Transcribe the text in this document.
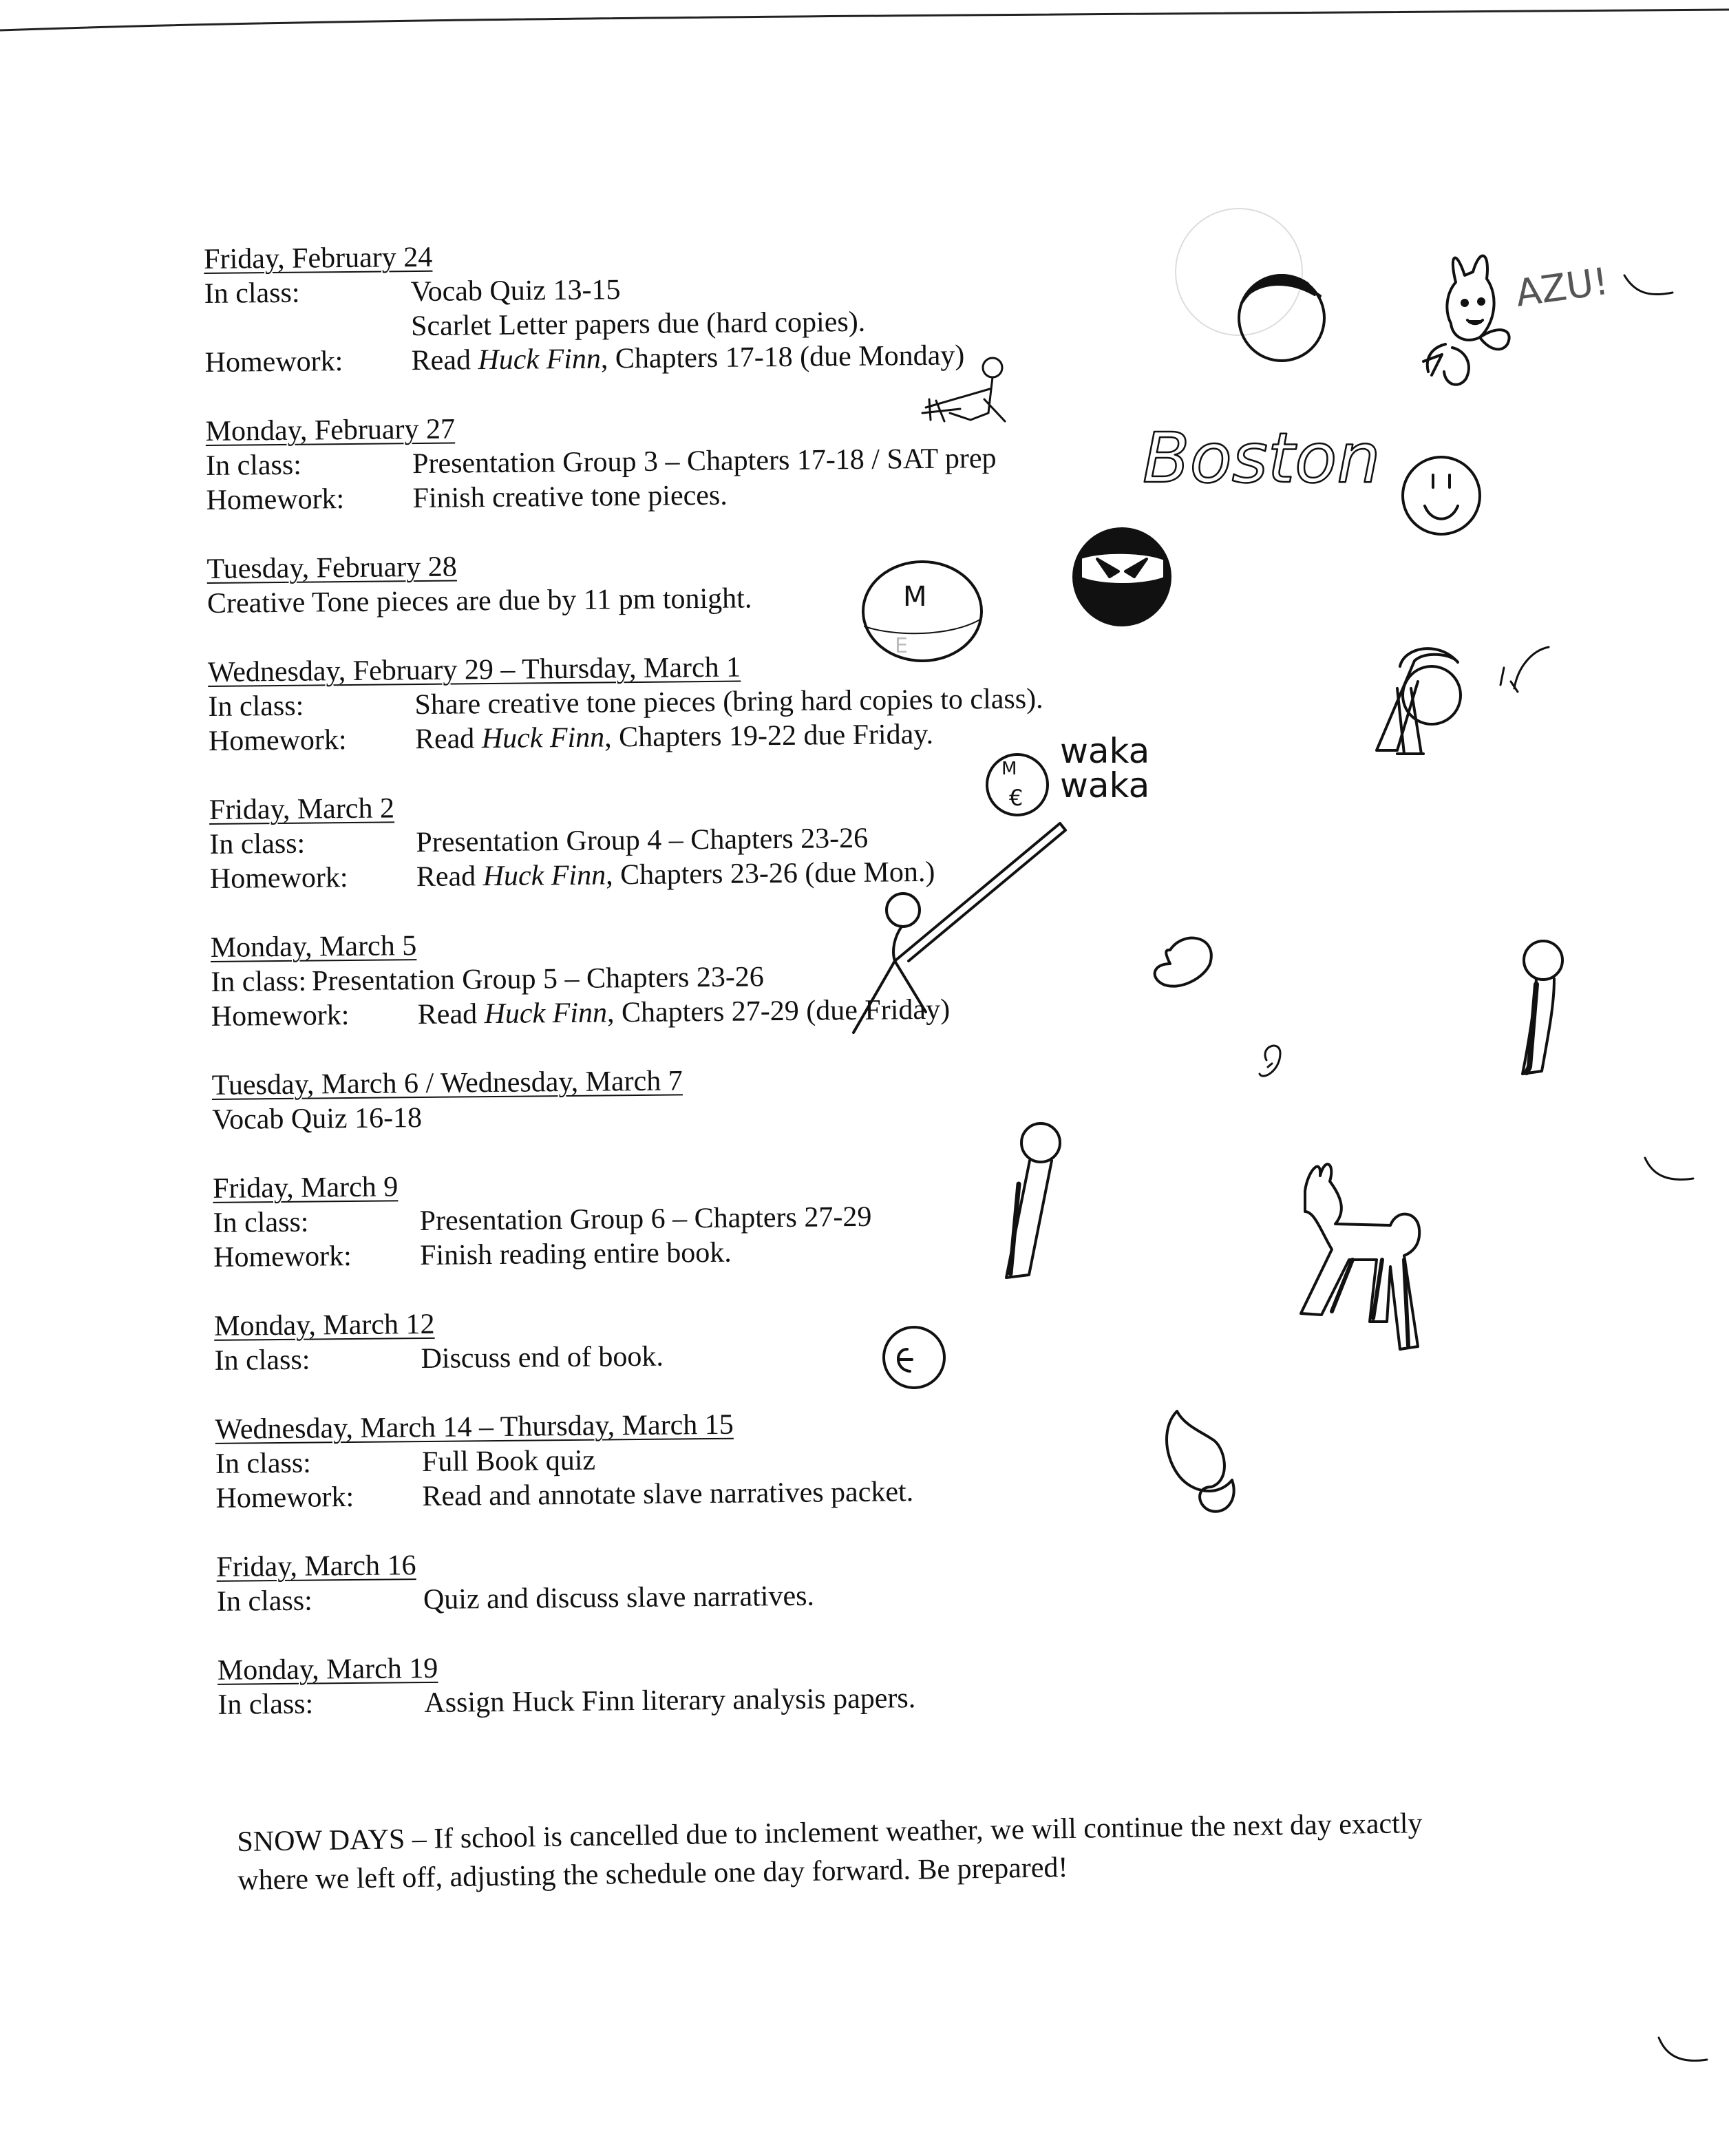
Friday, February 24
In class:	Vocab Quiz 13-15
Scarlet Letter papers due (hard copies).
Homework:	Read Huck Finn, Chapters 17-18 (due Monday)
Monday, February 27
In class:	Presentation Group 3 – Chapters 17-18 / SAT prep
Homework:	Finish creative tone pieces.
Tuesday, February 28
Creative Tone pieces are due by 11 pm tonight.
Wednesday, February 29 – Thursday, March 1
In class:	Share creative tone pieces (bring hard copies to class).
Homework:	Read Huck Finn, Chapters 19-22 due Friday.
Friday, March 2
In class:	Presentation Group 4 – Chapters 23-26
Homework:	Read Huck Finn, Chapters 23-26 (due Mon.)
Monday, March 5
In class: Presentation Group 5 – Chapters 23-26
Homework:	Read Huck Finn, Chapters 27-29 (due Friday)
Tuesday, March 6 / Wednesday, March 7
Vocab Quiz 16-18
Friday, March 9
In class:	Presentation Group 6 – Chapters 27-29
Homework:	Finish reading entire book.
Monday, March 12
In class:	Discuss end of book.
Wednesday, March 14 – Thursday, March 15
In class:	Full Book quiz
Homework:	Read and annotate slave narratives packet.
Friday, March 16
In class:	Quiz and discuss slave narratives.
Monday, March 19
In class:	Assign Huck Finn literary analysis papers.
SNOW DAYS – If school is cancelled due to inclement weather, we will continue the next day exactly
where we left off, adjusting the schedule one day forward. Be prepared!
AZU!
Boston
M
E
M
€
waka
waka
